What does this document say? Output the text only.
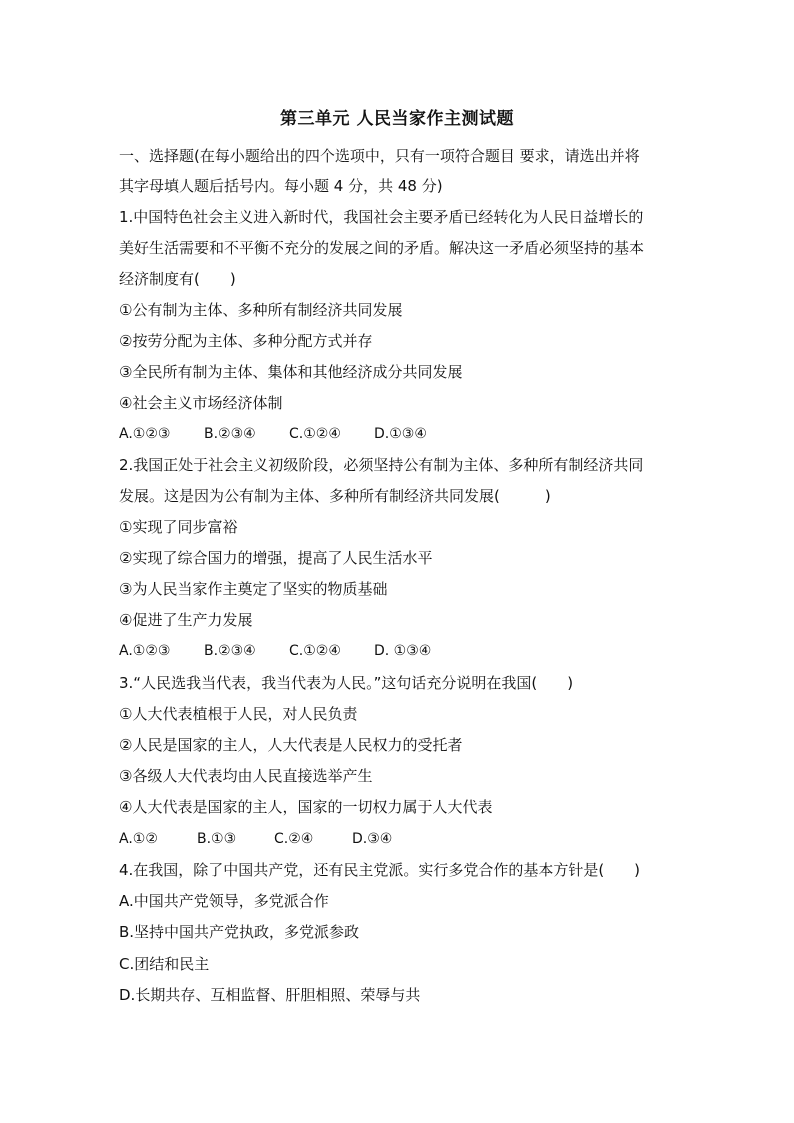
第三单元 人民当家作主测试题
一、选择题(在每小题给出的四个选项中，只有一项符合题目 要求，请选出并将
其字母填人题后括号内。每小题 4 分，共 48 分)
1.中国特色社会主义进入新时代，我国社会主要矛盾已经转化为人民日益增长的
美好生活需要和不平衡不充分的发展之间的矛盾。解决这一矛盾必须坚持的基本
经济制度有(　　)
①公有制为主体、多种所有制经济共同发展
②按劳分配为主体、多种分配方式并存
③全民所有制为主体、集体和其他经济成分共同发展
④社会主义市场经济体制
A.①②③ B.②③④ C.①②④ D.①③④
2.我国正处于社会主义初级阶段，必须坚持公有制为主体、多种所有制经济共同
发展。这是因为公有制为主体、多种所有制经济共同发展(　　　)
①实现了同步富裕
②实现了综合国力的增强，提高了人民生活水平
③为人民当家作主奠定了坚实的物质基础
④促进了生产力发展
A.①②③ B.②③④ C.①②④ D. ①③④
3.“人民选我当代表，我当代表为人民。”这句话充分说明在我国(　　)
①人大代表植根于人民，对人民负责
②人民是国家的主人，人大代表是人民权力的受托者
③各级人大代表均由人民直接选举产生
④人大代表是国家的主人，国家的一切权力属于人大代表
A.①②	B.①③	C.②④	D.③④
4.在我国，除了中国共产党，还有民主党派。实行多党合作的基本方针是(　　)
A.中国共产党领导，多党派合作
B.坚持中国共产党执政，多党派参政
C.团结和民主
D.长期共存、互相监督、肝胆相照、荣辱与共
